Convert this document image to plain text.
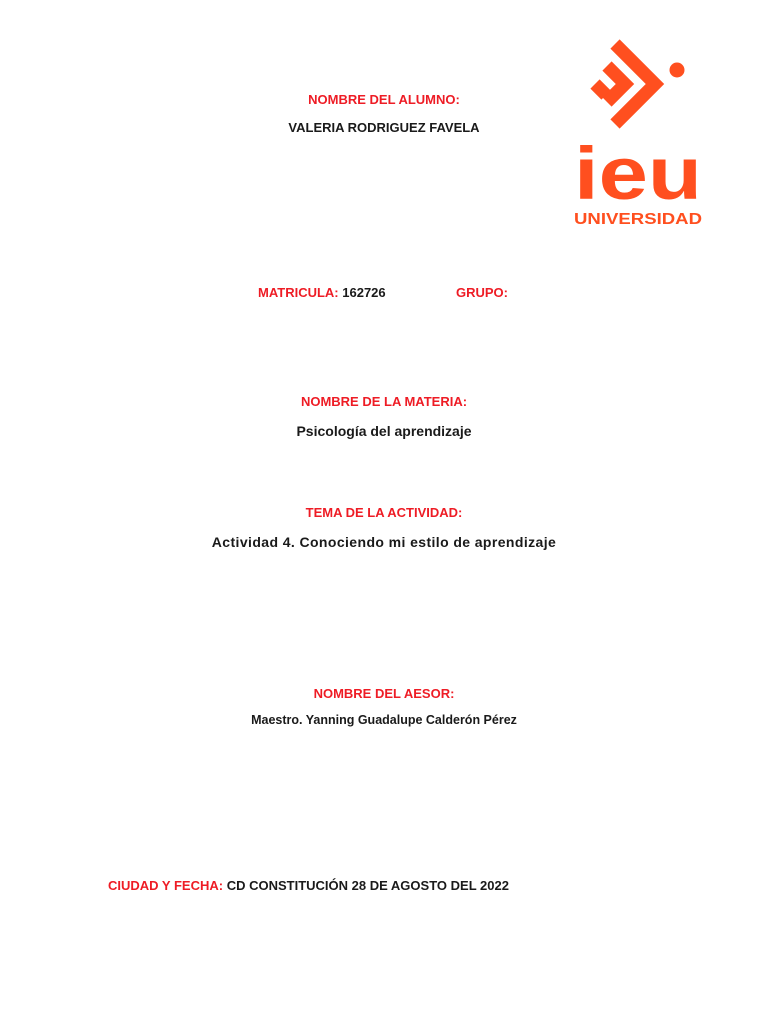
ieu
UNIVERSIDAD
NOMBRE DEL ALUMNO:
VALERIA RODRIGUEZ FAVELA
MATRICULA: 162726	GRUPO:
NOMBRE DE LA MATERIA:
Psicología del aprendizaje
TEMA DE LA ACTIVIDAD:
Actividad 4. Conociendo mi estilo de aprendizaje
NOMBRE DEL AESOR:
Maestro. Yanning Guadalupe Calderón Pérez
CIUDAD Y FECHA: CD CONSTITUCIÓN 28 DE AGOSTO DEL 2022
